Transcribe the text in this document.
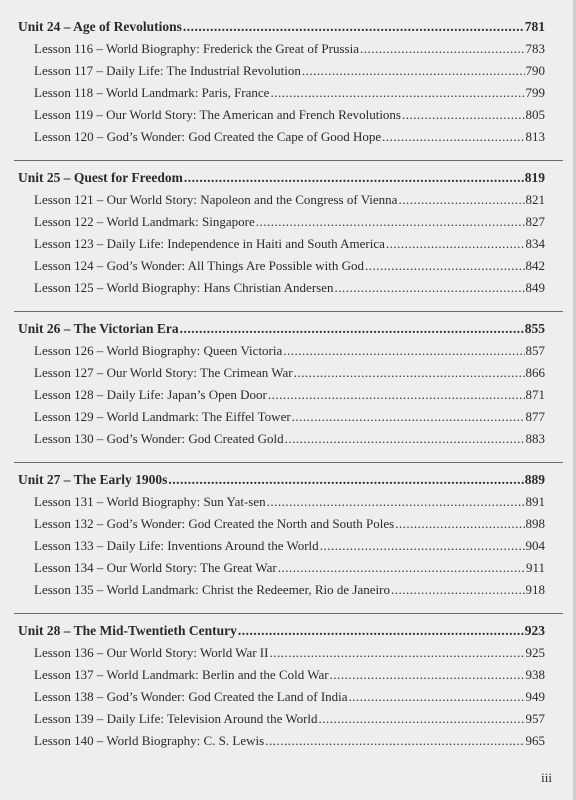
Unit 24 – Age of Revolutions .....	781
Lesson 116 – World Biography: Frederick the Great of Prussia .....	783
Lesson 117 – Daily Life: The Industrial Revolution .....	790
Lesson 118 – World Landmark: Paris, France .....	799
Lesson 119 – Our World Story: The American and French Revolutions .....	805
Lesson 120 – God’s Wonder: God Created the Cape of Good Hope .....	813
Unit 25 – Quest for Freedom .....	819
Lesson 121 – Our World Story: Napoleon and the Congress of Vienna .....	821
Lesson 122 – World Landmark: Singapore .....	827
Lesson 123 – Daily Life: Independence in Haiti and South America .....	834
Lesson 124 – God’s Wonder: All Things Are Possible with God .....	842
Lesson 125 – World Biography: Hans Christian Andersen .....	849
Unit 26 – The Victorian Era .....	855
Lesson 126 – World Biography: Queen Victoria .....	857
Lesson 127 – Our World Story: The Crimean War .....	866
Lesson 128 – Daily Life: Japan’s Open Door .....	871
Lesson 129 – World Landmark: The Eiffel Tower .....	877
Lesson 130 – God’s Wonder: God Created Gold .....	883
Unit 27 – The Early 1900s .....	889
Lesson 131 – World Biography: Sun Yat-sen .....	891
Lesson 132 – God’s Wonder: God Created the North and South Poles .....	898
Lesson 133 – Daily Life: Inventions Around the World .....	904
Lesson 134 – Our World Story: The Great War .....	911
Lesson 135 – World Landmark: Christ the Redeemer, Rio de Janeiro .....	918
Unit 28 – The Mid-Twentieth Century .....	923
Lesson 136 – Our World Story: World War II .....	925
Lesson 137 – World Landmark: Berlin and the Cold War .....	938
Lesson 138 – God’s Wonder: God Created the Land of India .....	949
Lesson 139 – Daily Life: Television Around the World .....	957
Lesson 140 – World Biography: C. S. Lewis .....	965
iii
